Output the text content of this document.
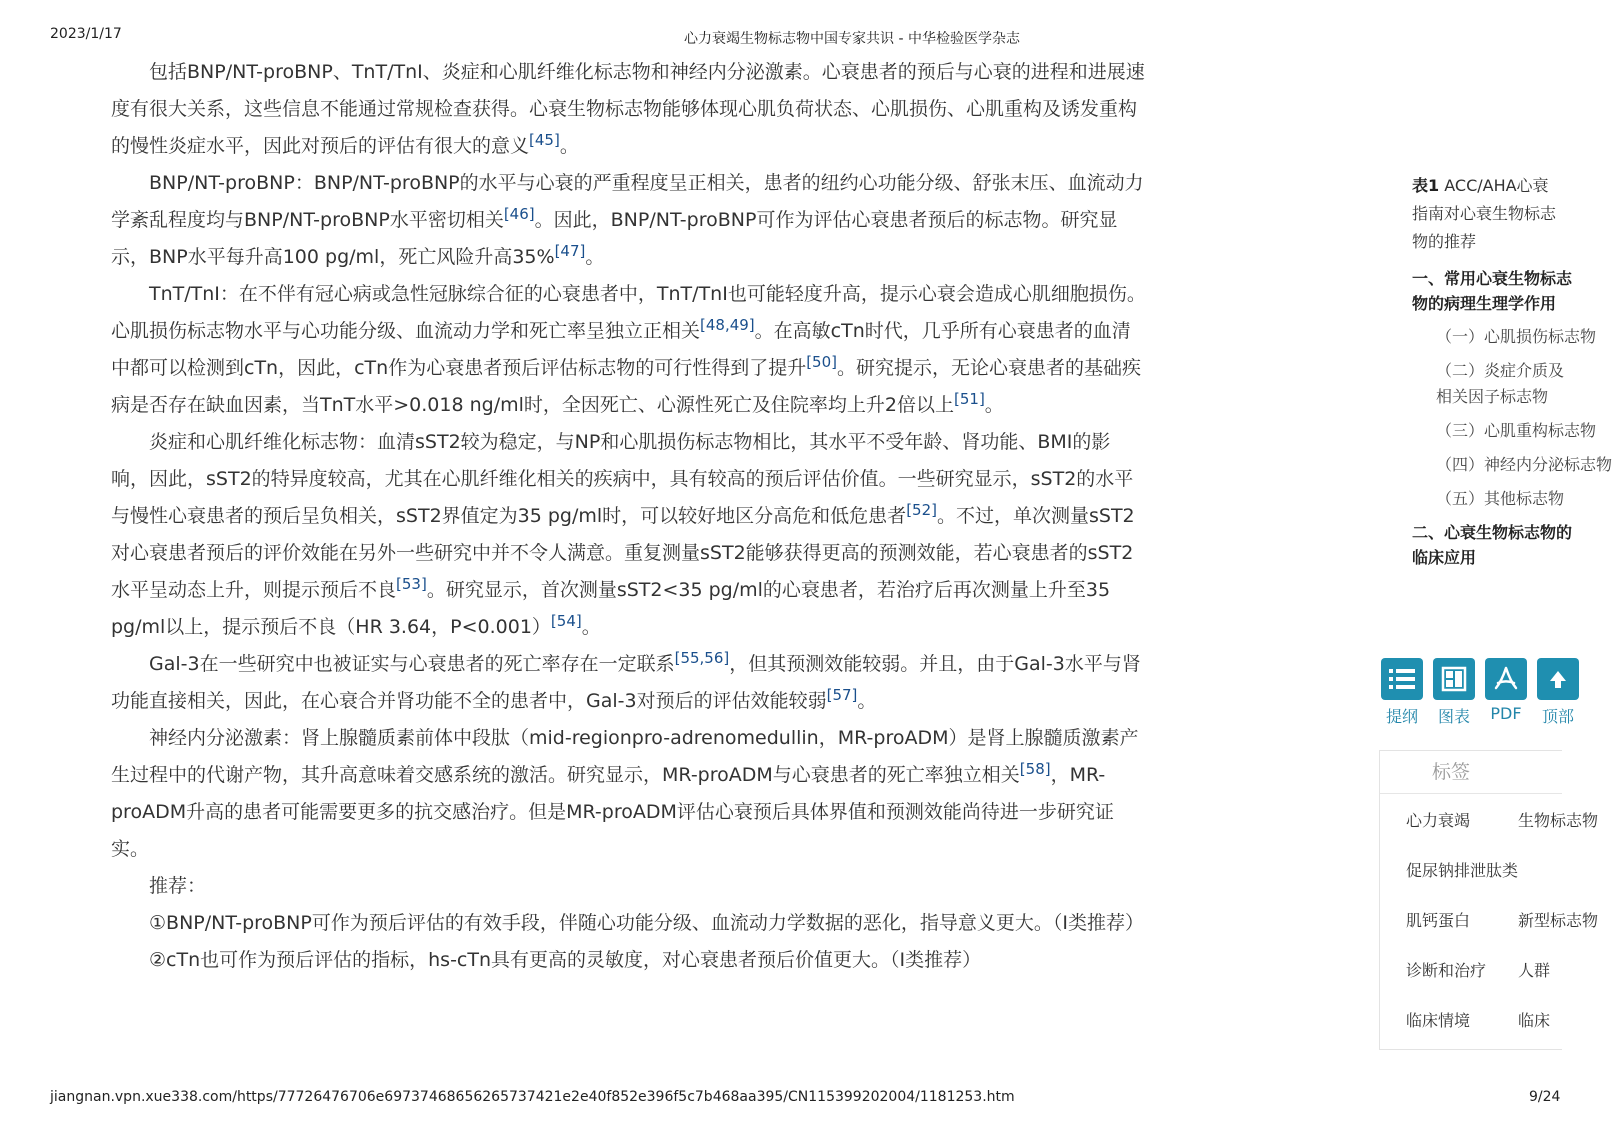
2023/1/17	心力衰竭生物标志物中国专家共识 - 中华检验医学杂志

包括BNP/NT-proBNP、TnT/TnI、炎症和心肌纤维化标志物和神经内分泌激素。心衰患者的预后与心衰的进程和进展速度有很大关系，这些信息不能通过常规检查获得。心衰生物标志物能够体现心肌负荷状态、心肌损伤、心肌重构及诱发重构的慢性炎症水平，因此对预后的评估有很大的意义[45]。

BNP/NT-proBNP：BNP/NT-proBNP的水平与心衰的严重程度呈正相关，患者的纽约心功能分级、舒张末压、血流动力学紊乱程度均与BNP/NT-proBNP水平密切相关[46]。因此，BNP/NT-proBNP可作为评估心衰患者预后的标志物。研究显示，BNP水平每升高100 pg/ml，死亡风险升高35%[47]。

TnT/TnI：在不伴有冠心病或急性冠脉综合征的心衰患者中，TnT/TnI也可能轻度升高，提示心衰会造成心肌细胞损伤。心肌损伤标志物水平与心功能分级、血流动力学和死亡率呈独立正相关[48,49]。在高敏cTn时代，几乎所有心衰患者的血清中都可以检测到cTn，因此，cTn作为心衰患者预后评估标志物的可行性得到了提升[50]。研究提示，无论心衰患者的基础疾病是否存在缺血因素，当TnT水平>0.018 ng/ml时，全因死亡、心源性死亡及住院率均上升2倍以上[51]。

炎症和心肌纤维化标志物：血清sST2较为稳定，与NP和心肌损伤标志物相比，其水平不受年龄、肾功能、BMI的影响，因此，sST2的特异度较高，尤其在心肌纤维化相关的疾病中，具有较高的预后评估价值。一些研究显示，sST2的水平与慢性心衰患者的预后呈负相关，sST2界值定为35 pg/ml时，可以较好地区分高危和低危患者[52]。不过，单次测量sST2对心衰患者预后的评价效能在另外一些研究中并不令人满意。重复测量sST2能够获得更高的预测效能，若心衰患者的sST2水平呈动态上升，则提示预后不良[53]。研究显示，首次测量sST2<35 pg/ml的心衰患者，若治疗后再次测量上升至35 pg/ml以上，提示预后不良（HR 3.64，P<0.001）[54]。

Gal-3在一些研究中也被证实与心衰患者的死亡率存在一定联系[55,56]，但其预测效能较弱。并且，由于Gal-3水平与肾功能直接相关，因此，在心衰合并肾功能不全的患者中，Gal-3对预后的评估效能较弱[57]。

神经内分泌激素：肾上腺髓质素前体中段肽（mid-regionpro-adrenomedullin，MR-proADM）是肾上腺髓质激素产生过程中的代谢产物，其升高意味着交感系统的激活。研究显示，MR-proADM与心衰患者的死亡率独立相关[58]，MR-proADM升高的患者可能需要更多的抗交感治疗。但是MR-proADM评估心衰预后具体界值和预测效能尚待进一步研究证实。

推荐：

①BNP/NT-proBNP可作为预后评估的有效手段，伴随心功能分级、血流动力学数据的恶化，指导意义更大。（I类推荐）

②cTn也可作为预后评估的指标，hs-cTn具有更高的灵敏度，对心衰患者预后价值更大。（I类推荐）

表1 ACC/AHA心衰指南对心衰生物标志物的推荐
一、常用心衰生物标志物的病理生理学作用
（一）心肌损伤标志物
（二）炎症介质及相关因子标志物
（三）心肌重构标志物
（四）神经内分泌标志物
（五）其他标志物
二、心衰生物标志物的临床应用
提纲	图表	PDF	顶部
标签
心力衰竭	生物标志物
促尿钠排泄肽类
肌钙蛋白	新型标志物
诊断和治疗 人群
临床情境	临床
jiangnan.vpn.xue338.com/https/77726476706e69737468656265737421e2e40f852e396f5c7b468aa395/CN115399202004/1181253.htm	9/24
